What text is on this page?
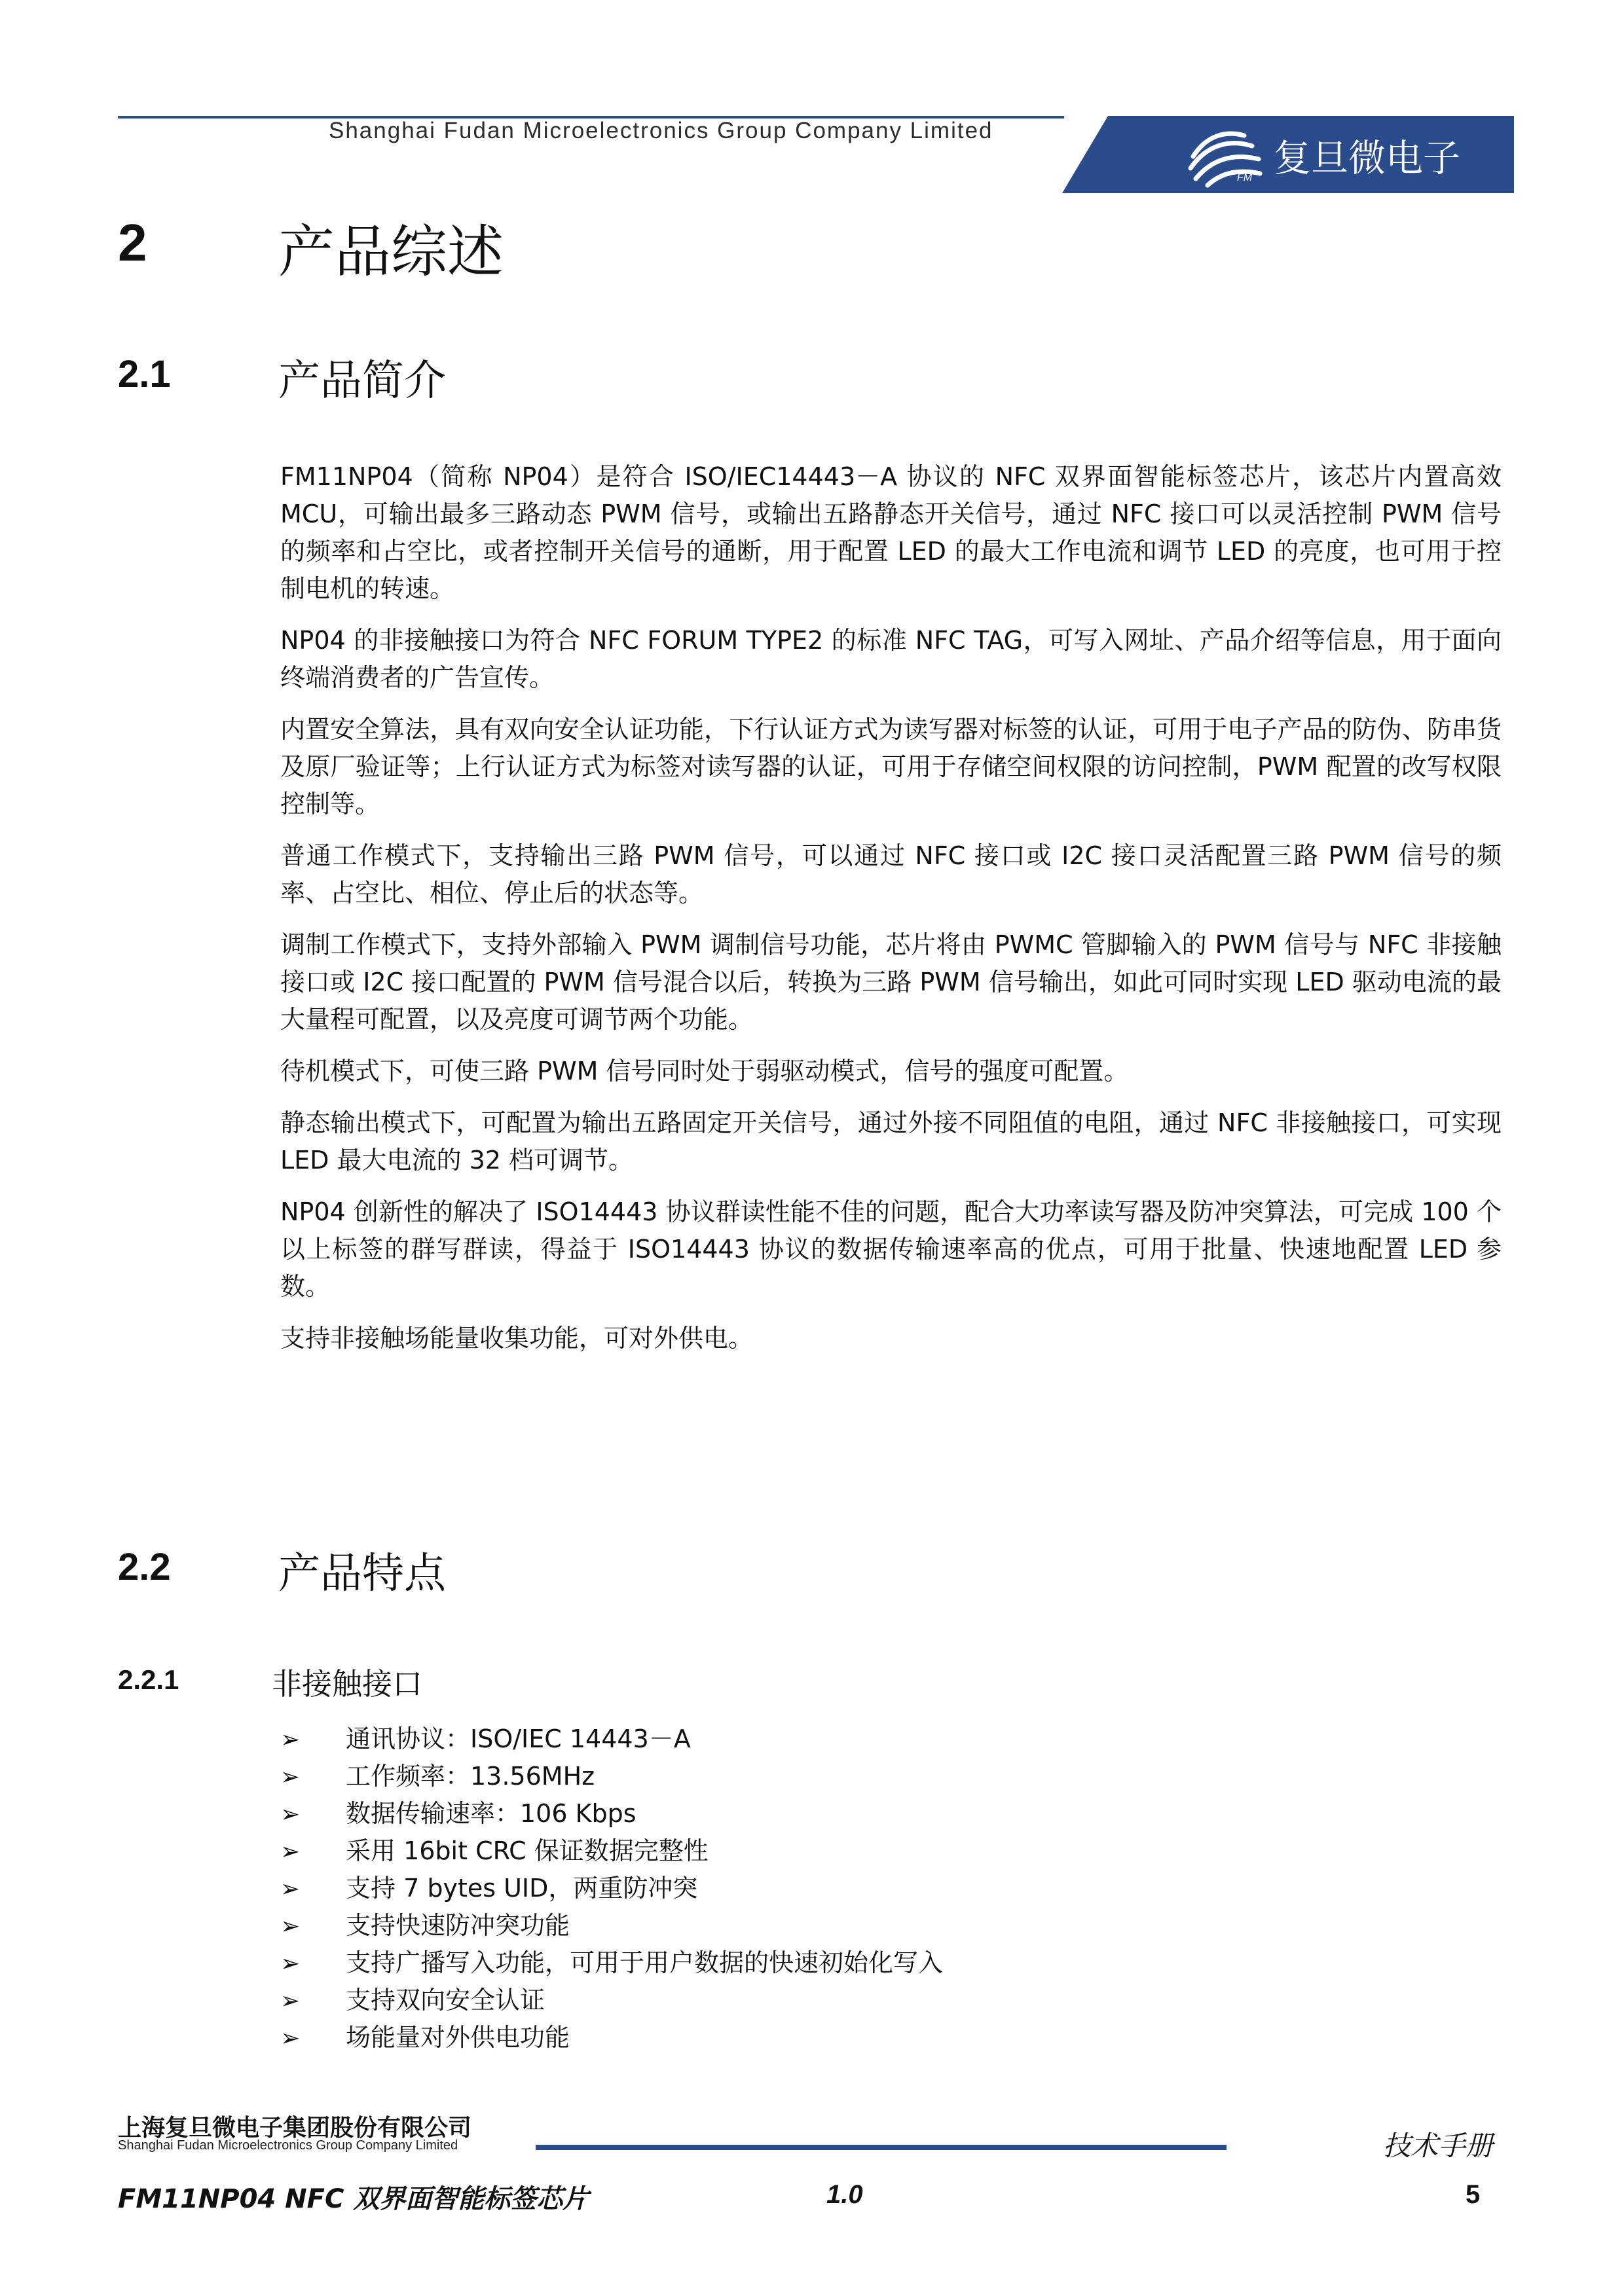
Shanghai Fudan Microelectronics Group Company Limited
复旦微电子
FM
2 产品综述
2.1	产品简介

FM11NP04（简称 NP04）是符合 ISO/IEC14443－A 协议的 NFC 双界面智能标签芯片，该芯片内置高效 MCU，可输出最多三路动态 PWM 信号，或输出五路静态开关信号，通过 NFC 接口可以灵活控制 PWM 信号的频率和占空比，或者控制开关信号的通断，用于配置 LED 的最大工作电流和调节 LED 的亮度，也可用于控制电机的转速。

NP04 的非接触接口为符合 NFC FORUM TYPE2 的标准 NFC TAG，可写入网址、产品介绍等信息，用于面向终端消费者的广告宣传。

内置安全算法，具有双向安全认证功能，下行认证方式为读写器对标签的认证，可用于电子产品的防伪、防串货及原厂验证等；上行认证方式为标签对读写器的认证，可用于存储空间权限的访问控制，PWM 配置的改写权限控制等。

普通工作模式下，支持输出三路 PWM 信号，可以通过 NFC 接口或 I2C 接口灵活配置三路 PWM 信号的频率、占空比、相位、停止后的状态等。

调制工作模式下，支持外部输入 PWM 调制信号功能，芯片将由 PWMC 管脚输入的 PWM 信号与 NFC 非接触接口或 I2C 接口配置的 PWM 信号混合以后，转换为三路 PWM 信号输出，如此可同时实现 LED 驱动电流的最大量程可配置，以及亮度可调节两个功能。

待机模式下，可使三路 PWM 信号同时处于弱驱动模式，信号的强度可配置。

静态输出模式下，可配置为输出五路固定开关信号，通过外接不同阻值的电阻，通过 NFC 非接触接口，可实现 LED 最大电流的 32 档可调节。

NP04 创新性的解决了 ISO14443 协议群读性能不佳的问题，配合大功率读写器及防冲突算法，可完成 100 个以上标签的群写群读，得益于 ISO14443 协议的数据传输速率高的优点，可用于批量、快速地配置 LED 参数。

支持非接触场能量收集功能，可对外供电。

2.2	产品特点
2.2.1	非接触接口
➢ 通讯协议：ISO/IEC 14443－A
➢ 工作频率：13.56MHz
➢ 数据传输速率：106 Kbps
➢ 采用 16bit CRC 保证数据完整性
➢ 支持 7 bytes UID，两重防冲突
➢ 支持快速防冲突功能
➢ 支持广播写入功能，可用于用户数据的快速初始化写入
➢ 支持双向安全认证
➢ 场能量对外供电功能
上海复旦微电子集团股份有限公司
Shanghai Fudan Microelectronics Group Company Limited	技术手册
FM11NP04 NFC 双界面智能标签芯片	1.0	5
